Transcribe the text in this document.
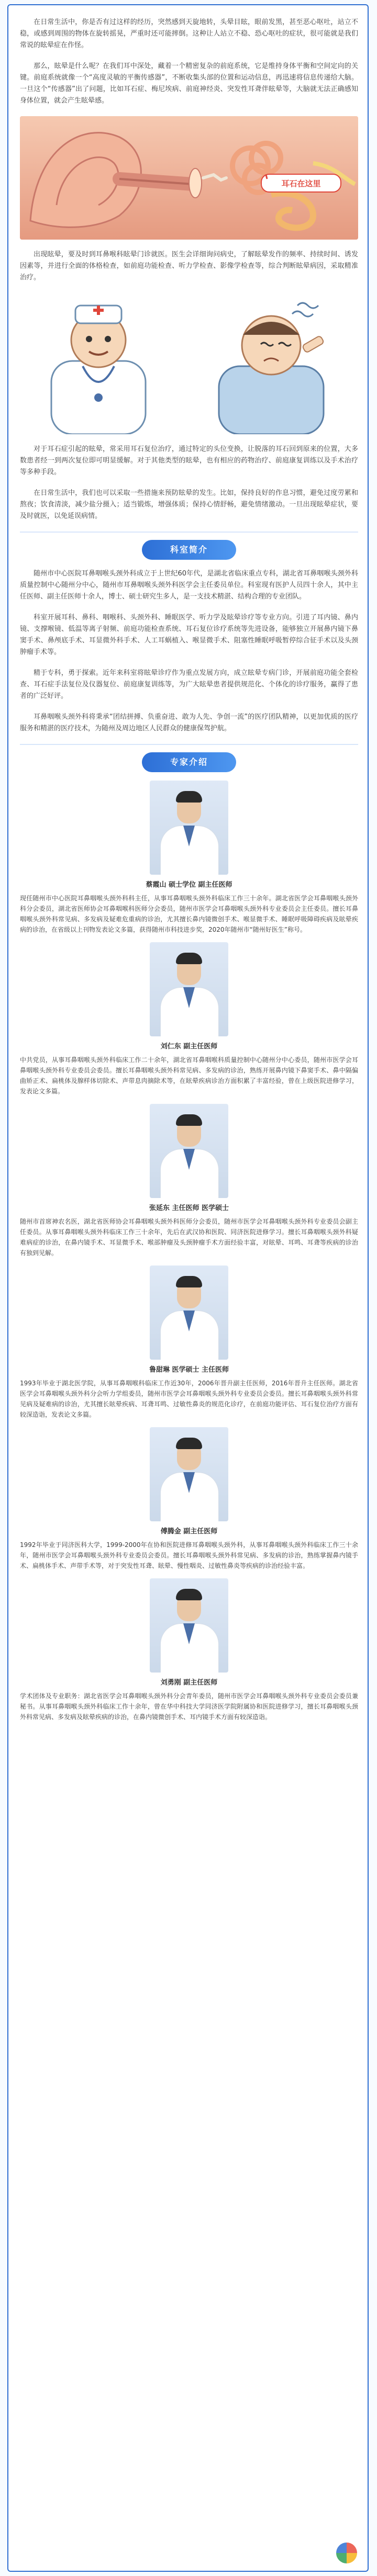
在日常生活中，你是否有过这样的经历，突然感到天旋地转，头晕目眩，眼前发黑，甚至恶心呕吐，站立不稳，或感到周围的物体在旋转摇晃，严重时还可能摔倒。这种让人站立不稳、恐心呕吐的症状，很可能就是我们常说的眩晕症在作怪。

那么，眩晕是什么呢？在我们耳中深处，藏着一个精密复杂的前庭系统，它是维持身体平衡和空间定向的关键。前庭系统就像一个“高度灵敏的平衡传感器”，不断收集头部的位置和运动信息，再迅速将信息传递给大脑。一旦这个“传感器”出了问题，比如耳石症、梅尼埃病、前庭神经炎、突发性耳聋伴眩晕等，大脑就无法正确感知身体位置，就会产生眩晕感。

耳石在这里

出现眩晕，要及时到耳鼻喉科眩晕门诊就医。医生会详细询问病史，了解眩晕发作的频率、持续时间、诱发因素等，并进行全面的体格检查，如前庭功能检查、听力学检查、影像学检查等，综合判断眩晕病因，采取精准治疗。

对于耳石症引起的眩晕，常采用耳石复位治疗，通过特定的头位变换，让脱落的耳石回到原来的位置，大多数患者经一到两次复位即可明显缓解。对于其他类型的眩晕，也有相应的药物治疗、前庭康复训练以及手术治疗等多种手段。

在日常生活中，我们也可以采取一些措施来预防眩晕的发生。比如，保持良好的作息习惯，避免过度劳累和熬夜；饮食清淡，减少盐分摄入；适当锻炼，增强体质；保持心情舒畅，避免情绪激动。一旦出现眩晕症状，要及时就医，以免延误病情。

科室简介

随州市中心医院耳鼻咽喉头颈外科成立于上世纪60年代，是湖北省临床重点专科，湖北省耳鼻咽喉头颈外科质量控制中心随州分中心，随州市耳鼻咽喉头颈外科医学会主任委员单位。科室现有医护人员四十余人，其中主任医师、副主任医师十余人，博士、硕士研究生多人，是一支技术精湛、结构合理的专业团队。

科室开展耳科、鼻科、咽喉科、头颈外科、睡眠医学、听力学及眩晕诊疗等专业方向。引进了耳内镜、鼻内镜、支撑喉镜、低温等离子射频、前庭功能检查系统、耳石复位诊疗系统等先进设备，能够独立开展鼻内镜下鼻窦手术、鼻颅底手术、耳显微外科手术、人工耳蜗植入、喉显微手术、阻塞性睡眠呼吸暂停综合征手术以及头颈肿瘤手术等。

精于专科，勇于探索。近年来科室将眩晕诊疗作为重点发展方向，成立眩晕专病门诊，开展前庭功能全套检查、耳石症手法复位及仪器复位、前庭康复训练等，为广大眩晕患者提供规范化、个体化的诊疗服务，赢得了患者的广泛好评。

耳鼻咽喉头颈外科将秉承“团结拼搏、负重奋进、敢为人先、争创一流”的医疗团队精神，以更加优质的医疗服务和精湛的医疗技术，为随州及周边地区人民群众的健康保驾护航。

专家介绍
蔡霞山 硕士学位 副主任医师

现任随州市中心医院耳鼻咽喉头颈外科科主任，从事耳鼻咽喉头颈外科临床工作三十余年。湖北省医学会耳鼻咽喉头颈外科分会委员，湖北省医师协会耳鼻咽喉科医师分会委员，随州市医学会耳鼻咽喉头颈外科专业委员会主任委员。擅长耳鼻咽喉头颈外科常见病、多发病及疑难危重病的诊治，尤其擅长鼻内镜微创手术、喉显微手术、睡眠呼吸障碍疾病及眩晕疾病的诊治，在省级以上刊物发表论文多篇，获得随州市科技进步奖，2020年随州市“随州好医生”称号。

刘仁东 副主任医师

中共党员，从事耳鼻咽喉头颈外科临床工作二十余年，湖北省耳鼻咽喉科质量控制中心随州分中心委员，随州市医学会耳鼻咽喉头颈外科专业委员会委员。擅长耳鼻咽喉头颈外科常见病、多发病的诊治，熟练开展鼻内镜下鼻窦手术、鼻中隔偏曲矫正术、扁桃体及腺样体切除术、声带息肉摘除术等，在眩晕疾病诊治方面积累了丰富经验，曾在上级医院进修学习，发表论文多篇。

张延东 主任医师 医学硕士

随州市首席神农名医，湖北省医师协会耳鼻咽喉头颈外科医师分会委员，随州市医学会耳鼻咽喉头颈外科专业委员会副主任委员。从事耳鼻咽喉头颈外科临床工作三十余年，先后在武汉协和医院、同济医院进修学习。擅长耳鼻咽喉头颈外科疑难病症的诊治，在鼻内镜手术、耳显微手术、喉部肿瘤及头颈肿瘤手术方面经验丰富，对眩晕、耳鸣、耳聋等疾病的诊治有独到见解。

鲁甜琳 医学硕士 主任医师

1993年毕业于湖北医学院，从事耳鼻咽喉科临床工作近30年，2006年晋升副主任医师，2016年晋升主任医师。湖北省医学会耳鼻咽喉头颈外科分会听力学组委员，随州市医学会耳鼻咽喉头颈外科专业委员会委员。擅长耳鼻咽喉头颈外科常见病及疑难病的诊治，尤其擅长眩晕疾病、耳聋耳鸣、过敏性鼻炎的规范化诊疗，在前庭功能评估、耳石复位治疗方面有较深造诣，发表论文多篇。

傅腾金 副主任医师

1992年毕业于同济医科大学，1999-2000年在协和医院进修耳鼻咽喉头颈外科，从事耳鼻咽喉头颈外科临床工作三十余年，随州市医学会耳鼻咽喉头颈外科专业委员会委员。擅长耳鼻咽喉头颈外科常见病、多发病的诊治，熟练掌握鼻内镜手术、扁桃体手术、声带手术等，对于突发性耳聋、眩晕、慢性咽炎、过敏性鼻炎等疾病的诊治经验丰富。

刘勇刚 副主任医师

学术团体及专业职务：湖北省医学会耳鼻咽喉头颈外科分会青年委员，随州市医学会耳鼻咽喉头颈外科专业委员会委员兼秘书。从事耳鼻咽喉头颈外科临床工作十余年，曾在华中科技大学同济医学院附属协和医院进修学习，擅长耳鼻咽喉头颈外科常见病、多发病及眩晕疾病的诊治，在鼻内镜微创手术、耳内镜手术方面有较深造诣。
